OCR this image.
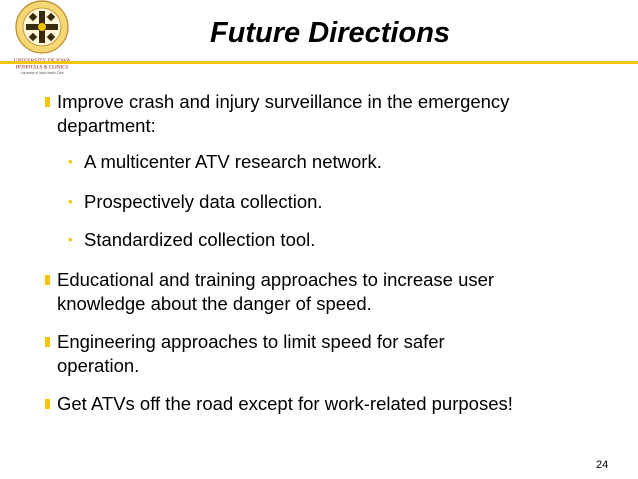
HOSPITALS & CLINICS
University of Iowa Health Care
Future Directions
Improve crash and injury surveillance in the emergency
department:
• A multicenter ATV research network.
• Prospectively data collection.
• Standardized collection tool.
Educational and training approaches to increase user
knowledge about the danger of speed.
Engineering approaches to limit speed for safer
operation.
Get ATVs off the road except for work-related purposes!
24
